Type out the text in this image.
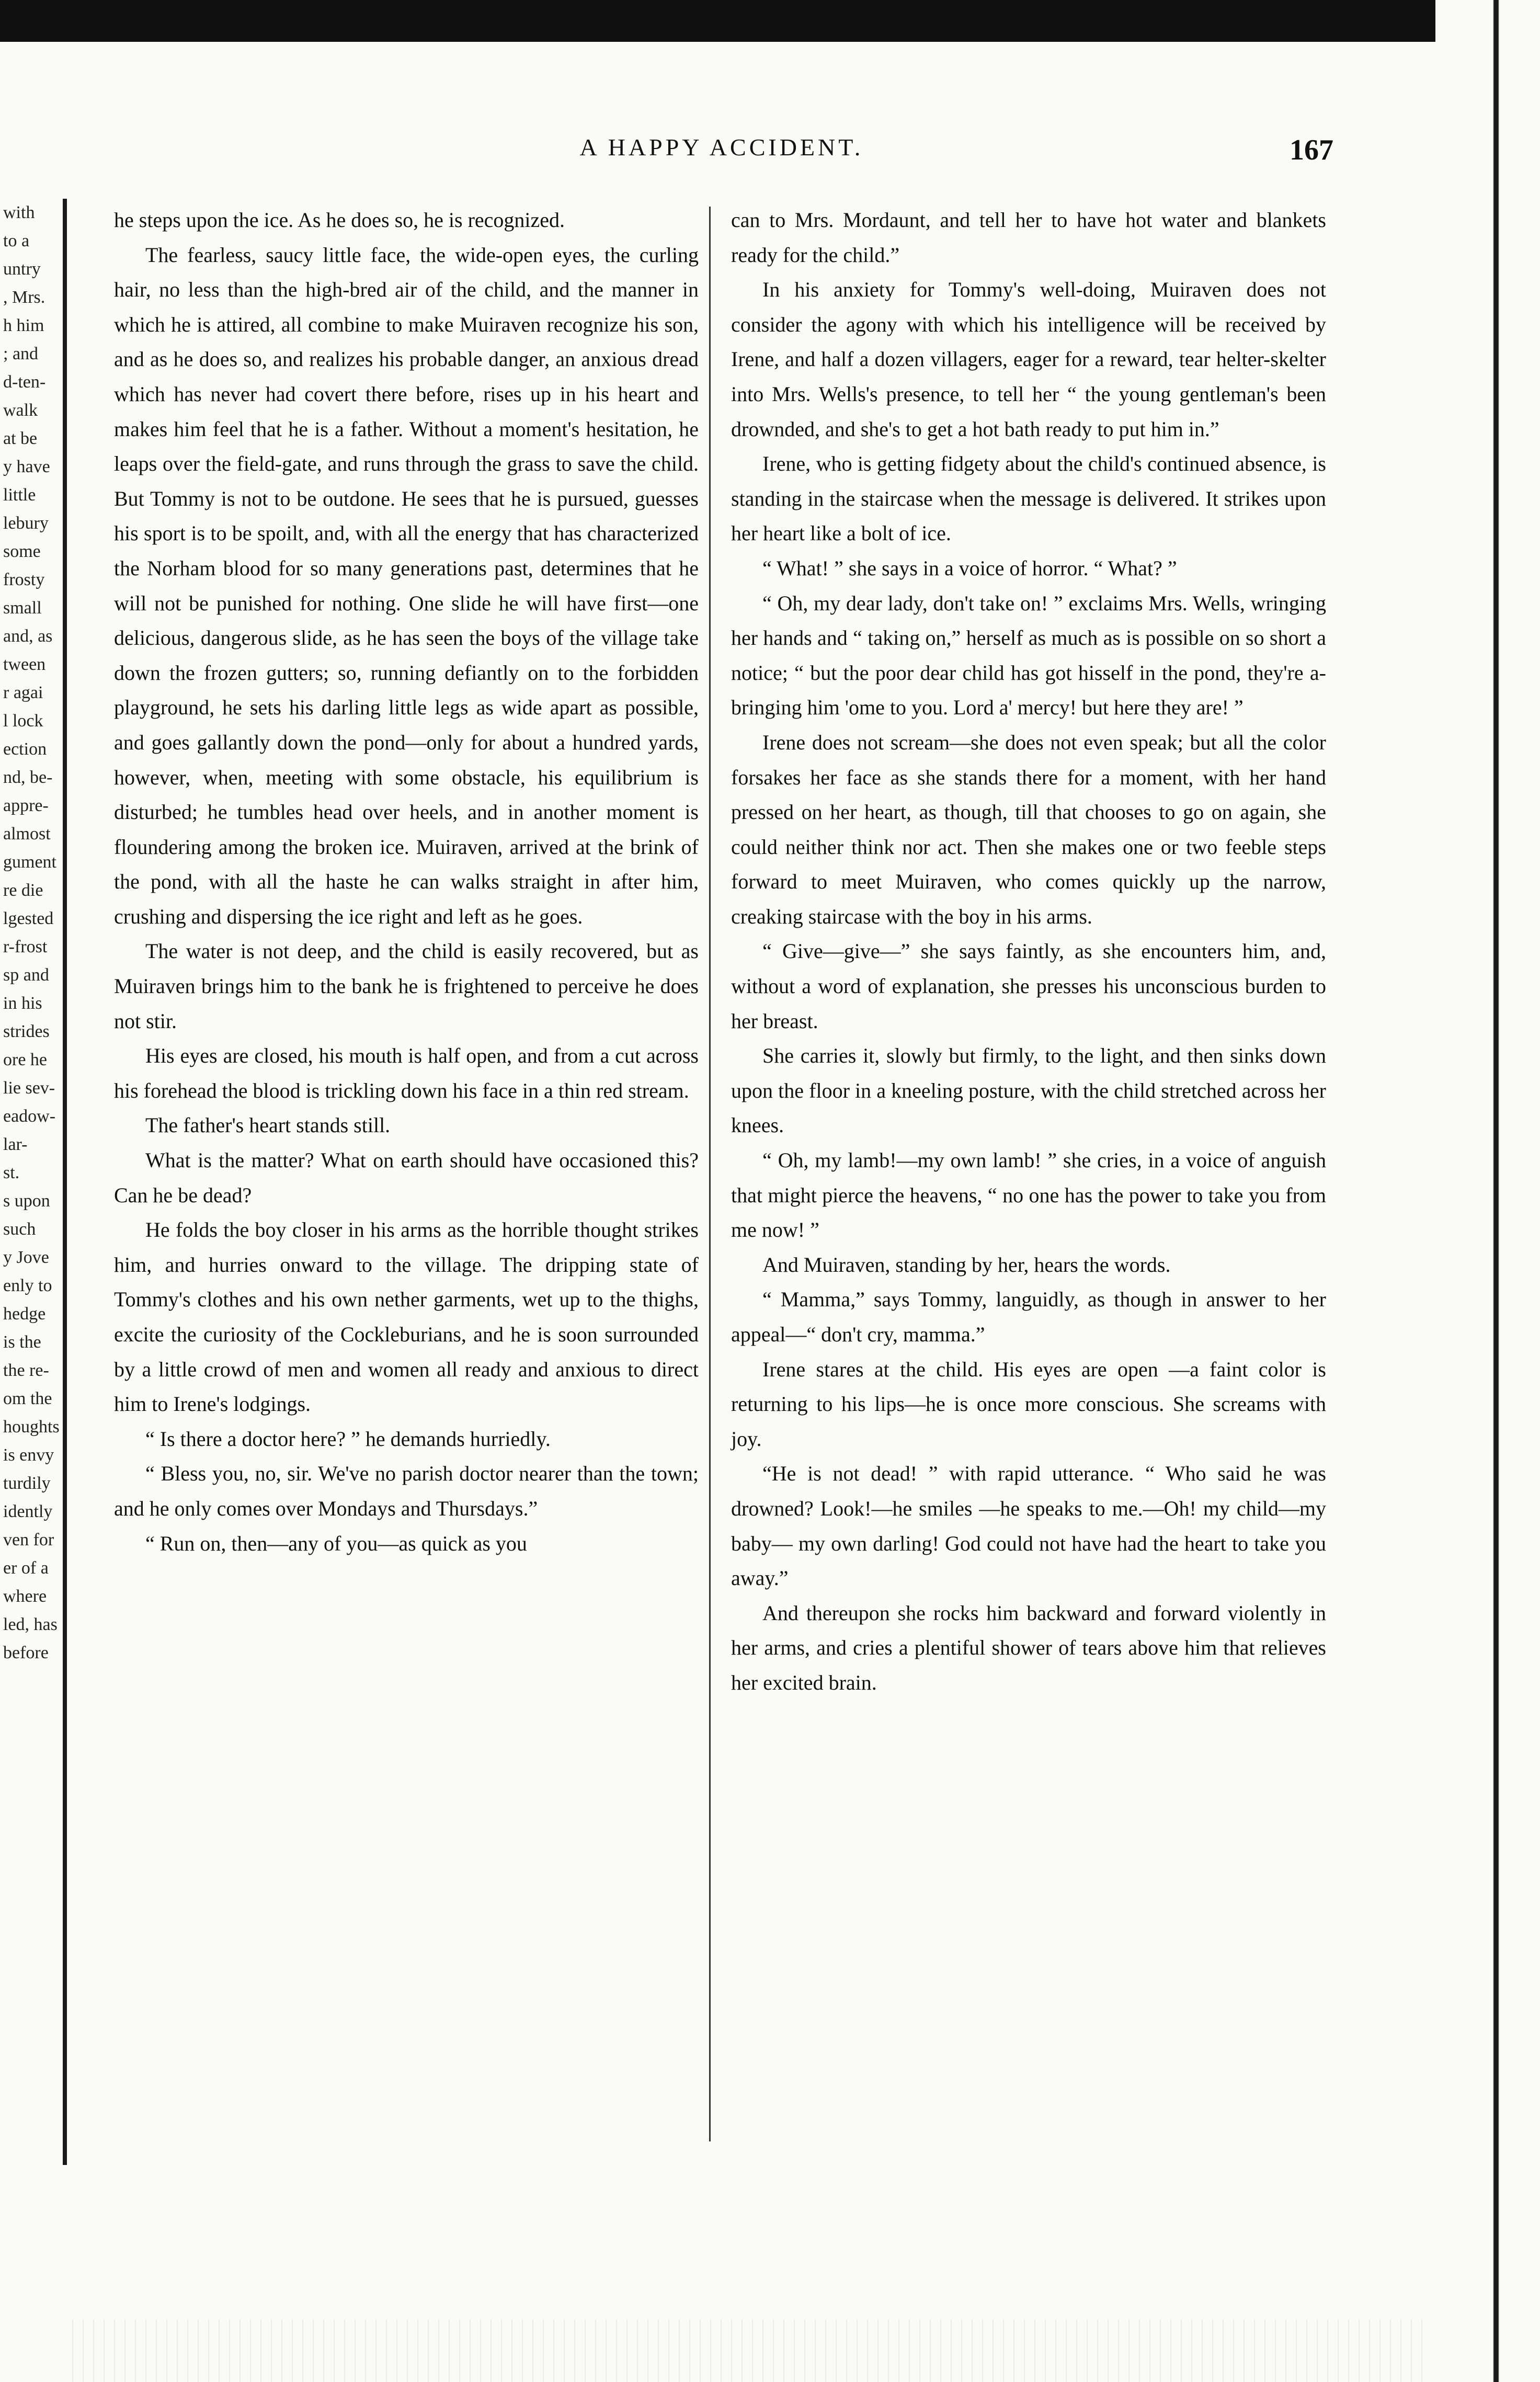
with
to a
untry
, Mrs.
h him
; and
d-ten-
walk
at be
y have
little
lebury
some
frosty
small
and, as
tween
r agai
l lock
ection
nd, be-
appre-
almost
gument
re die
lgested
r-frost
sp and
in his
strides
ore he
lie sev-
eadow-
lar-
st.
s upon
such
y Jove
enly to
hedge
is the
the re-
om the
houghts
is envy
turdily
idently
ven for
er of a
where
led, has
before
A HAPPY ACCIDENT.	167

he steps upon the ice. As he does so, he is recognized.

The fearless, saucy little face, the wide-open eyes, the curling hair, no less than the high-bred air of the child, and the manner in which he is attired, all combine to make Muiraven recognize his son, and as he does so, and realizes his probable danger, an anxious dread which has never had covert there before, rises up in his heart and makes him feel that he is a father. Without a moment's hesitation, he leaps over the field-gate, and runs through the grass to save the child. But Tommy is not to be outdone. He sees that he is pursued, guesses his sport is to be spoilt, and, with all the energy that has characterized the Norham blood for so many generations past, determines that he will not be punished for nothing. One slide he will have first—one delicious, dangerous slide, as he has seen the boys of the village take down the frozen gutters; so, running defiantly on to the forbidden playground, he sets his darling little legs as wide apart as possible, and goes gallantly down the pond—only for about a hundred yards, however, when, meeting with some obstacle, his equilibrium is disturbed; he tumbles head over heels, and in another moment is floundering among the broken ice. Muiraven, arrived at the brink of the pond, with all the haste he can walks straight in after him, crushing and dispersing the ice right and left as he goes.

The water is not deep, and the child is easily recovered, but as Muiraven brings him to the bank he is frightened to perceive he does not stir.

His eyes are closed, his mouth is half open, and from a cut across his forehead the blood is trickling down his face in a thin red stream.

The father's heart stands still.

What is the matter? What on earth should have occasioned this? Can he be dead?

He folds the boy closer in his arms as the horrible thought strikes him, and hurries onward to the village. The dripping state of Tommy's clothes and his own nether garments, wet up to the thighs, excite the curiosity of the Cockleburians, and he is soon surrounded by a little crowd of men and women all ready and anxious to direct him to Irene's lodgings.

“ Is there a doctor here? ” he demands hurriedly.

“ Bless you, no, sir. We've no parish doctor nearer than the town; and he only comes over Mondays and Thursdays.”

“ Run on, then—any of you—as quick as you

can to Mrs. Mordaunt, and tell her to have hot water and blankets ready for the child.”

In his anxiety for Tommy's well-doing, Muiraven does not consider the agony with which his intelligence will be received by Irene, and half a dozen villagers, eager for a reward, tear helter-skelter into Mrs. Wells's presence, to tell her “ the young gentleman's been drownded, and she's to get a hot bath ready to put him in.”

Irene, who is getting fidgety about the child's continued absence, is standing in the staircase when the message is delivered. It strikes upon her heart like a bolt of ice.

“ What! ” she says in a voice of horror. “ What? ”

“ Oh, my dear lady, don't take on! ” exclaims Mrs. Wells, wringing her hands and “ taking on,” herself as much as is possible on so short a notice; “ but the poor dear child has got hisself in the pond, they're a-bringing him 'ome to you. Lord a' mercy! but here they are! ”

Irene does not scream—she does not even speak; but all the color forsakes her face as she stands there for a moment, with her hand pressed on her heart, as though, till that chooses to go on again, she could neither think nor act. Then she makes one or two feeble steps forward to meet Muiraven, who comes quickly up the narrow, creaking staircase with the boy in his arms.

“ Give—give—” she says faintly, as she encounters him, and, without a word of explanation, she presses his unconscious burden to her breast.

She carries it, slowly but firmly, to the light, and then sinks down upon the floor in a kneeling posture, with the child stretched across her knees.

“ Oh, my lamb!—my own lamb! ” she cries, in a voice of anguish that might pierce the heavens, “ no one has the power to take you from me now! ”

And Muiraven, standing by her, hears the words.

“ Mamma,” says Tommy, languidly, as though in answer to her appeal—“ don't cry, mamma.”

Irene stares at the child. His eyes are open —a faint color is returning to his lips—he is once more conscious. She screams with joy.

“He is not dead! ” with rapid utterance. “ Who said he was drowned? Look!—he smiles —he speaks to me.—Oh! my child—my baby— my own darling! God could not have had the heart to take you away.”

And thereupon she rocks him backward and forward violently in her arms, and cries a plentiful shower of tears above him that relieves her excited brain.
